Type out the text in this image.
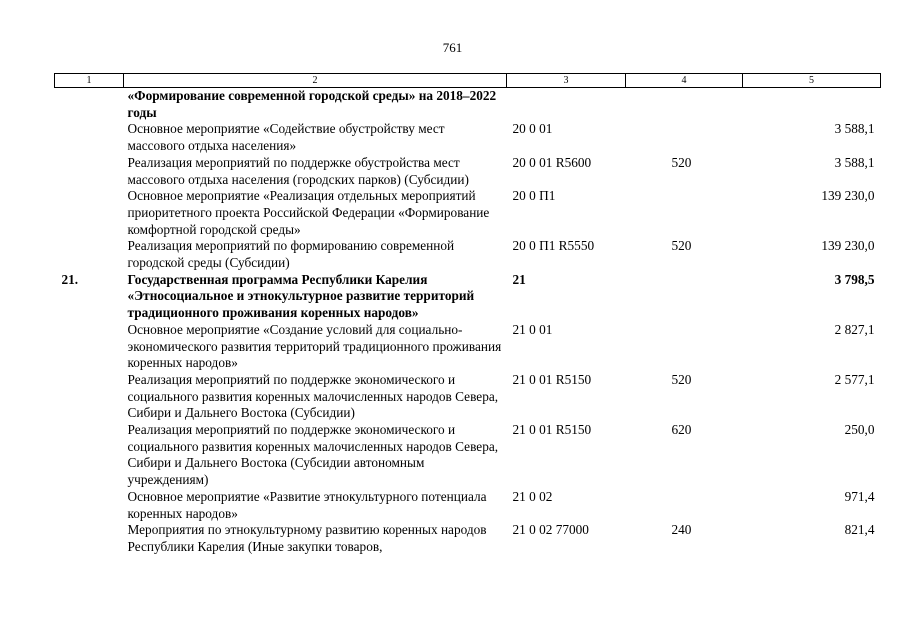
761
1	2	3	4	5
	«Формирование современной городской среды» на 2018–2022 годы			
	Основное мероприятие «Содействие обустройству мест массового отдыха населения»	20 0 01		3 588,1
	Реализация мероприятий по поддержке обустройства мест массового отдыха населения (городских парков) (Субсидии)	20 0 01 R5600	520	3 588,1
	Основное мероприятие «Реализация отдельных мероприятий приоритетного проекта Российской Федерации «Формирование комфортной городской среды»	20 0 П1		139 230,0
	Реализация мероприятий по формированию современной городской среды (Субсидии)	20 0 П1 R5550	520	139 230,0
21.	Государственная программа Республики Карелия «Этносоциальное и этнокультурное развитие территорий традиционного проживания коренных народов»	21		3 798,5
	Основное мероприятие «Создание условий для социально-экономического развития территорий традиционного проживания коренных народов»	21 0 01		2 827,1
	Реализация мероприятий по поддержке экономического и социального развития коренных малочисленных народов Севера, Сибири и Дальнего Востока (Субсидии)	21 0 01 R5150	520	2 577,1
	Реализация мероприятий по поддержке экономического и социального развития коренных малочисленных народов Севера, Сибири и Дальнего Востока (Субсидии автономным учреждениям)	21 0 01 R5150	620	250,0
	Основное мероприятие «Развитие этнокультурного потенциала коренных народов»	21 0 02		971,4
	Мероприятия по этнокультурному развитию коренных народов Республики Карелия (Иные закупки товаров,	21 0 02 77000	240	821,4
